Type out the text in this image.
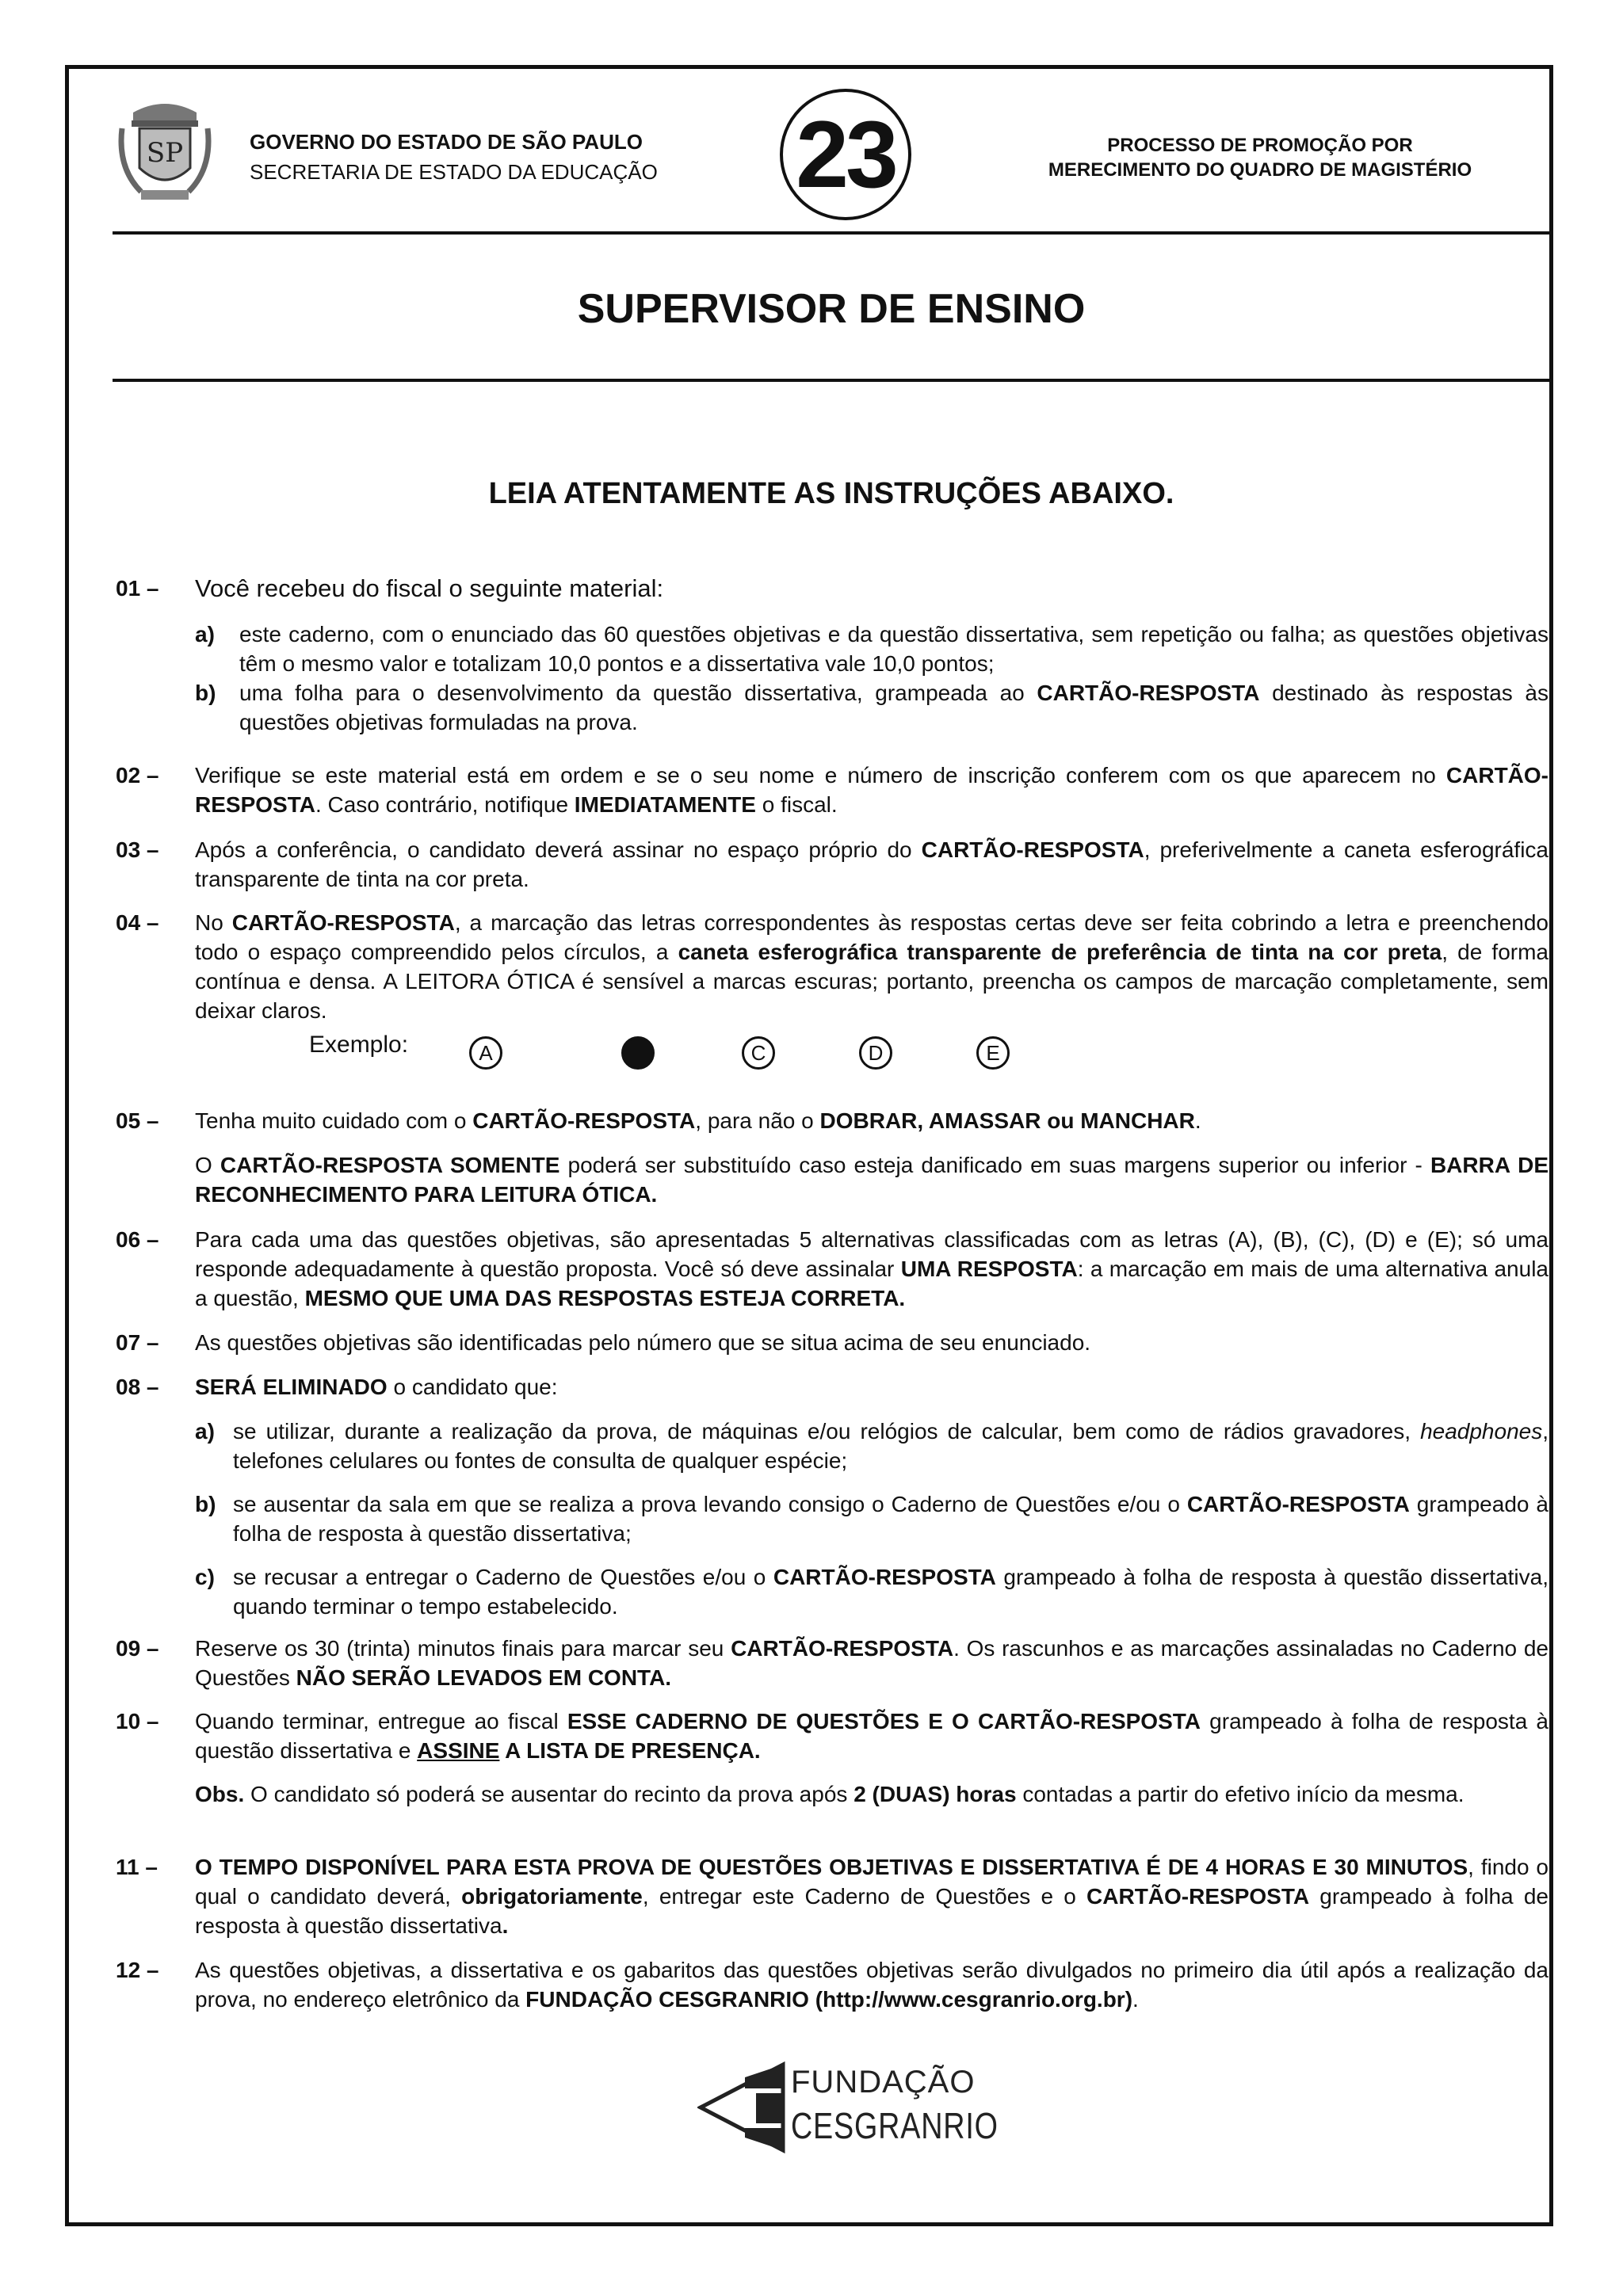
SP	GOVERNO DO ESTADO DE SÃO PAULO
SECRETARIA DE ESTADO DA EDUCAÇÃO 23	PROCESSO DE PROMOÇÃO POR
MERECIMENTO DO QUADRO DE MAGISTÉRIO
SUPERVISOR DE ENSINO
LEIA ATENTAMENTE AS INSTRUÇÕES ABAIXO.
01 –	Você recebeu do fiscal o seguinte material:
a) este caderno, com o enunciado das 60 questões objetivas e da questão dissertativa, sem repetição ou falha; as questões objetivas têm o mesmo valor e totalizam 10,0 pontos e a dissertativa vale 10,0 pontos;
b) uma folha para o desenvolvimento da questão dissertativa, grampeada ao CARTÃO-RESPOSTA destinado às respostas às questões objetivas formuladas na prova.
02 –	Verifique se este material está em ordem e se o seu nome e número de inscrição conferem com os que aparecem no CARTÃO-RESPOSTA. Caso contrário, notifique IMEDIATAMENTE o fiscal.
03 –	Após a conferência, o candidato deverá assinar no espaço próprio do CARTÃO-RESPOSTA, preferivelmente a caneta esferográfica transparente de tinta na cor preta.
04 –	No CARTÃO-RESPOSTA, a marcação das letras correspondentes às respostas certas deve ser feita cobrindo a letra e preenchendo todo o espaço compreendido pelos círculos, a caneta esferográfica transparente de preferência de tinta na cor preta, de forma contínua e densa. A LEITORA ÓTICA é sensível a marcas escuras; portanto, preencha os campos de marcação completamente, sem deixar claros.
Exemplo:	A	C	D	E
05 –	Tenha muito cuidado com o CARTÃO-RESPOSTA, para não o DOBRAR, AMASSAR ou MANCHAR.
O CARTÃO-RESPOSTA SOMENTE poderá ser substituído caso esteja danificado em suas margens superior ou inferior - BARRA DE RECONHECIMENTO PARA LEITURA ÓTICA.
06 –	Para cada uma das questões objetivas, são apresentadas 5 alternativas classificadas com as letras (A), (B), (C), (D) e (E); só uma responde adequadamente à questão proposta. Você só deve assinalar UMA RESPOSTA: a marcação em mais de uma alternativa anula a questão, MESMO QUE UMA DAS RESPOSTAS ESTEJA CORRETA.
07 –	As questões objetivas são identificadas pelo número que se situa acima de seu enunciado.
08 –	SERÁ ELIMINADO o candidato que:
a) se utilizar, durante a realização da prova, de máquinas e/ou relógios de calcular, bem como de rádios gravadores, headphones, telefones celulares ou fontes de consulta de qualquer espécie;
b) se ausentar da sala em que se realiza a prova levando consigo o Caderno de Questões e/ou o CARTÃO-RESPOSTA grampeado à folha de resposta à questão dissertativa;
c) se recusar a entregar o Caderno de Questões e/ou o CARTÃO-RESPOSTA grampeado à folha de resposta à questão dissertativa, quando terminar o tempo estabelecido.
09 –	Reserve os 30 (trinta) minutos finais para marcar seu CARTÃO-RESPOSTA. Os rascunhos e as marcações assinaladas no Caderno de Questões NÃO SERÃO LEVADOS EM CONTA.
10 –	Quando terminar, entregue ao fiscal ESSE CADERNO DE QUESTÕES E O CARTÃO-RESPOSTA grampeado à folha de resposta à questão dissertativa e ASSINE A LISTA DE PRESENÇA.
Obs. O candidato só poderá se ausentar do recinto da prova após 2 (DUAS) horas contadas a partir do efetivo início da mesma.
11 –	O TEMPO DISPONÍVEL PARA ESTA PROVA DE QUESTÕES OBJETIVAS E DISSERTATIVA É DE 4 HORAS E 30 MINUTOS, findo o qual o candidato deverá, obrigatoriamente, entregar este Caderno de Questões e o CARTÃO-RESPOSTA grampeado à folha de resposta à questão dissertativa.
12 –	As questões objetivas, a dissertativa e os gabaritos das questões objetivas serão divulgados no primeiro dia útil após a realização da prova, no endereço eletrônico da FUNDAÇÃO CESGRANRIO (http://www.cesgranrio.org.br).
FUNDAÇÃO
CESGRANRIO
